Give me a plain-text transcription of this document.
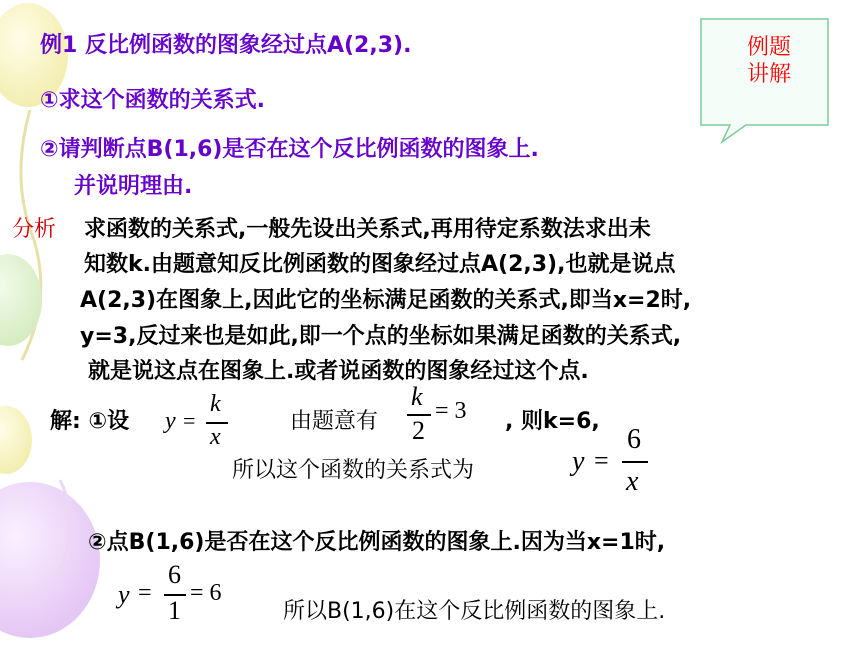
例题
讲解
例1 反比例函数的图象经过点A(2,3).
①求这个函数的关系式.
②请判断点B(1,6)是否在这个反比例函数的图象上.
并说明理由.
分析 求函数的关系式,一般先设出关系式,再用待定系数法求出未
知数k.由题意知反比例函数的图象经过点A(2,3),也就是说点
A(2,3)在图象上,因此它的坐标满足函数的关系式,即当x=2时,
y=3,反过来也是如此,即一个点的坐标如果满足函数的关系式,
就是说这点在图象上.或者说函数的图象经过这个点.
解: ①设 y =
k
x
由题意有
k
2
= 3 , 则k=6,
所以这个函数的关系式为	y =
6
x
②点B(1,6)是否在这个反比例函数的图象上.因为当x=1时,
y =
6
1
= 6
所以B(1,6)在这个反比例函数的图象上.
